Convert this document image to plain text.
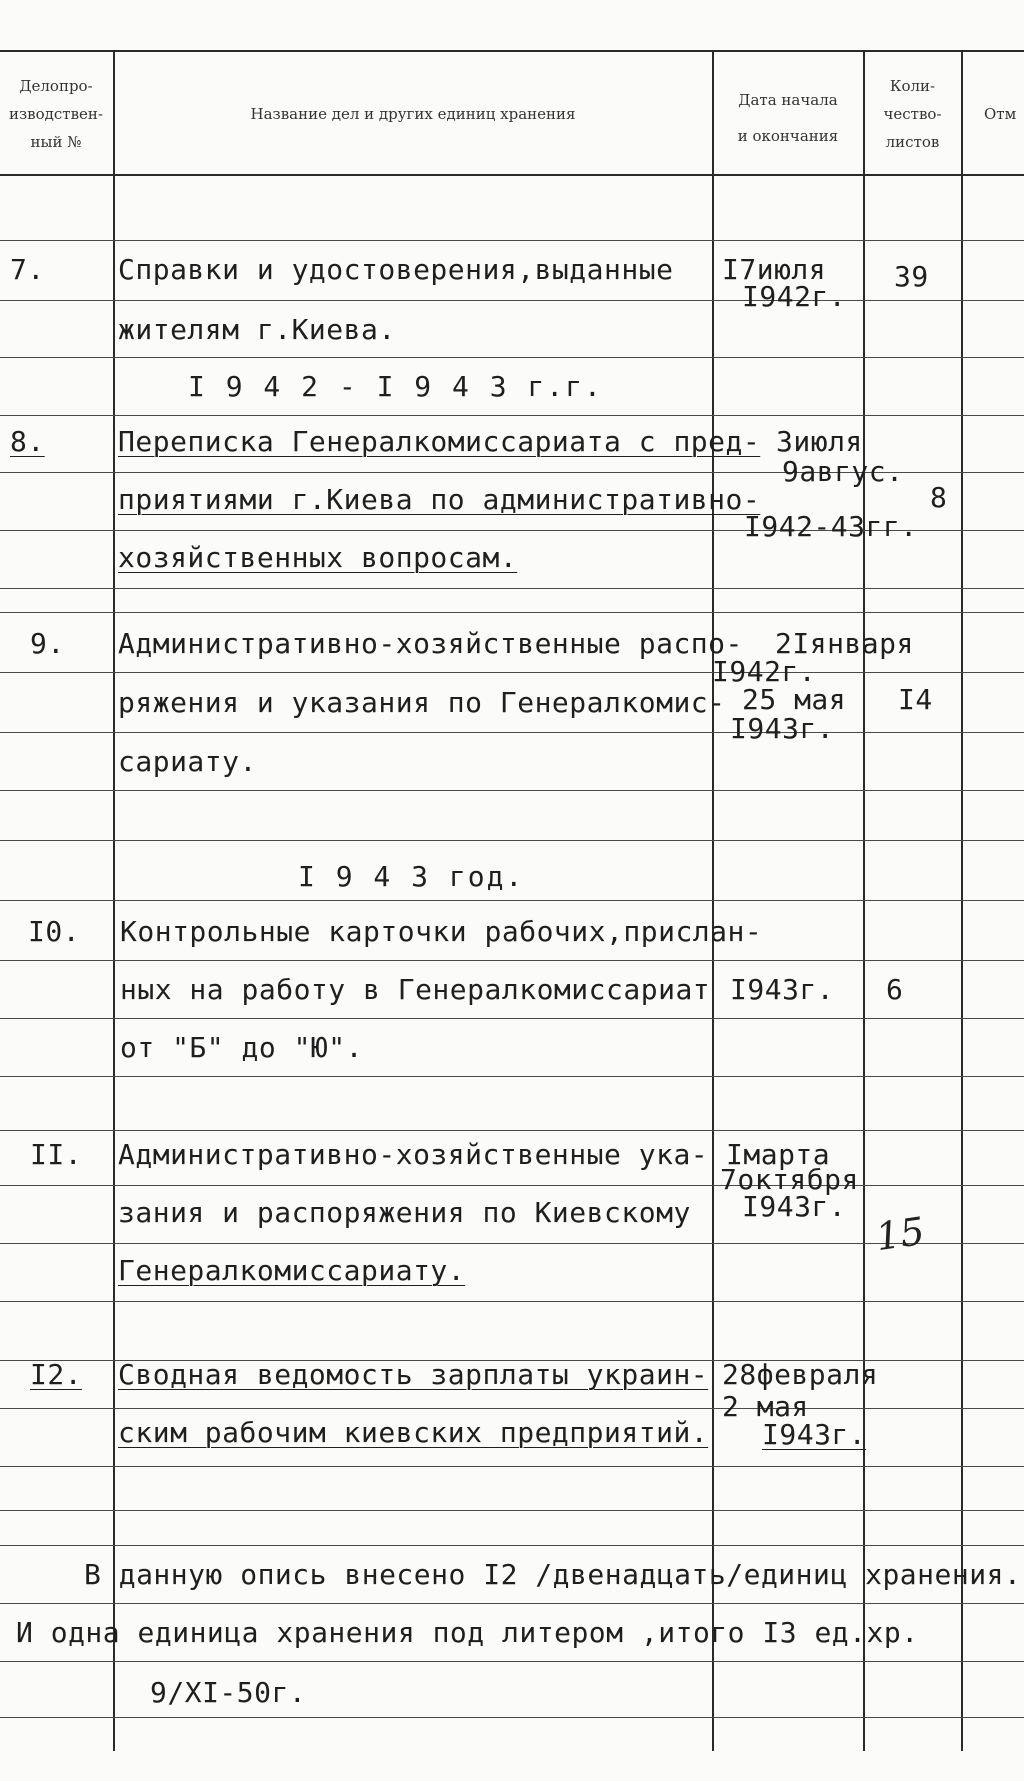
Делопро-
изводствен-
ный №
Название дел и других единиц хранения
Дата начала
и окончания
Коли-
чество-
листов
Отм
7.	Справки и удостоверения,выданные
жителям г.Киева.
I7июля
I942г.
39
I 9 4 2 - I 9 4 3 г.г.
8.	Переписка Генералкомиссариата с пред-
приятиями г.Киева по административно-
хозяйственных вопросам.
Зиюля
9авгус.
I942-43гг.
8
9. Административно-хозяйственные распо-
ряжения и указания по Генералкомис-
сариату.
2Iянваря
I942г.
25 мая
I943г.
I4
I 9 4 3 год.
I0. Контрольные карточки рабочих,прислан-
ных на работу в Генералкомиссариат
от "Б" до "Ю".
I943г. 6
II. Административно-хозяйственные ука-
зания и распоряжения по Киевскому
Генералкомиссариату.
Iмарта
7октября
I943г.
15
I2. Сводная ведомость зарплаты украин-
ским рабочим киевских предприятий.
28февраля
2 мая
I943г.
В данную опись внесено I2 /двенадцать/единиц хранения.
И одна единица хранения под литером ,итого I3 ед.хр.
9/XI-50г.
